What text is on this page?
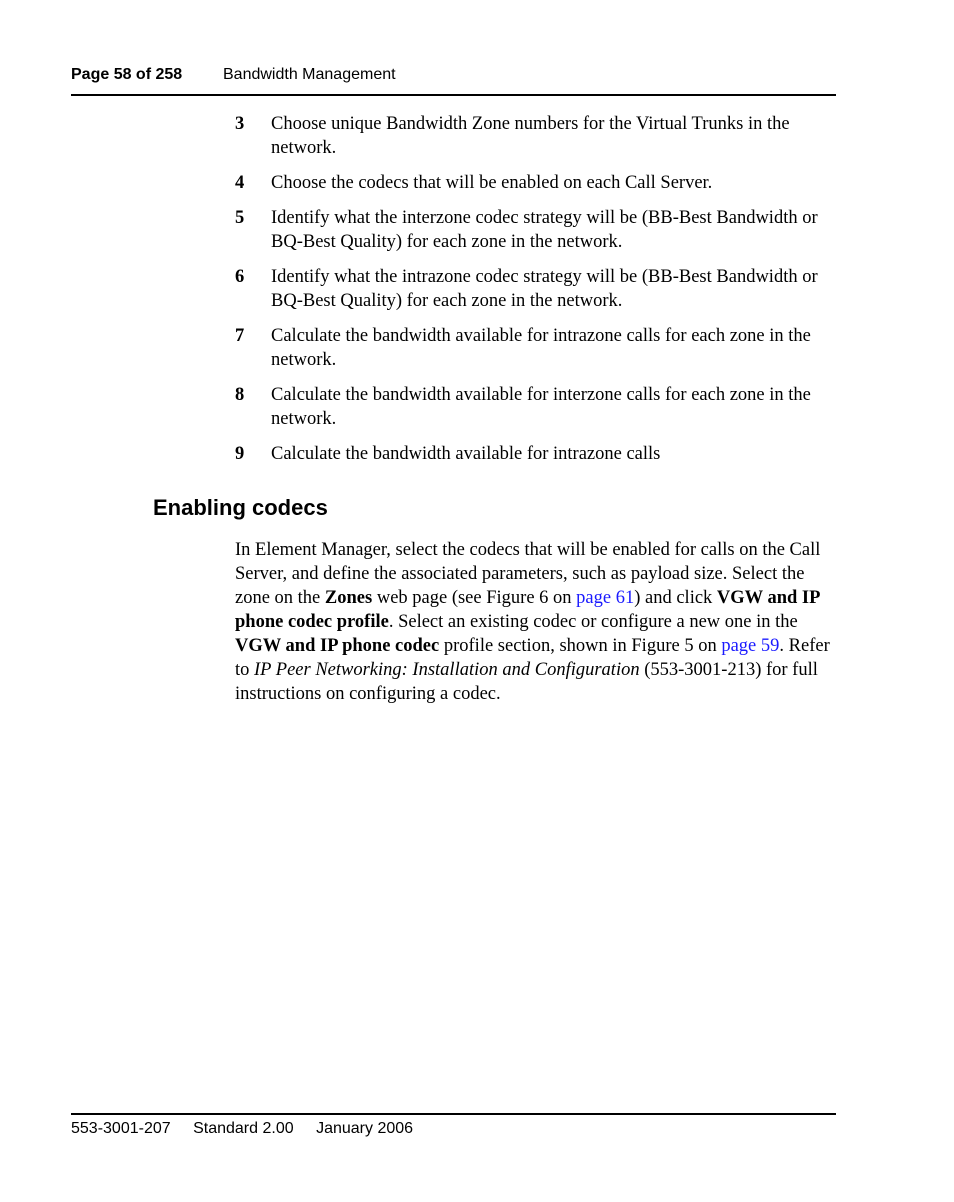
Page 58 of 258	Bandwidth Management
3 Choose unique Bandwidth Zone numbers for the Virtual Trunks in the network.
4 Choose the codecs that will be enabled on each Call Server.
5 Identify what the interzone codec strategy will be (BB-Best Bandwidth or BQ-Best Quality) for each zone in the network.
6 Identify what the intrazone codec strategy will be (BB-Best Bandwidth or BQ-Best Quality) for each zone in the network.
7 Calculate the bandwidth available for intrazone calls for each zone in the network.
8 Calculate the bandwidth available for interzone calls for each zone in the network.
9 Calculate the bandwidth available for intrazone calls
Enabling codecs
In Element Manager, select the codecs that will be enabled for calls on the Call Server, and define the associated parameters, such as payload size. Select the zone on the Zones web page (see Figure 6 on page 61) and click VGW and IP phone codec profile. Select an existing codec or configure a new one in the VGW and IP phone codec profile section, shown in Figure 5 on page 59. Refer to IP Peer Networking: Installation and Configuration (553-3001-213) for full instructions on configuring a codec.
553-3001-207 Standard 2.00 January 2006
